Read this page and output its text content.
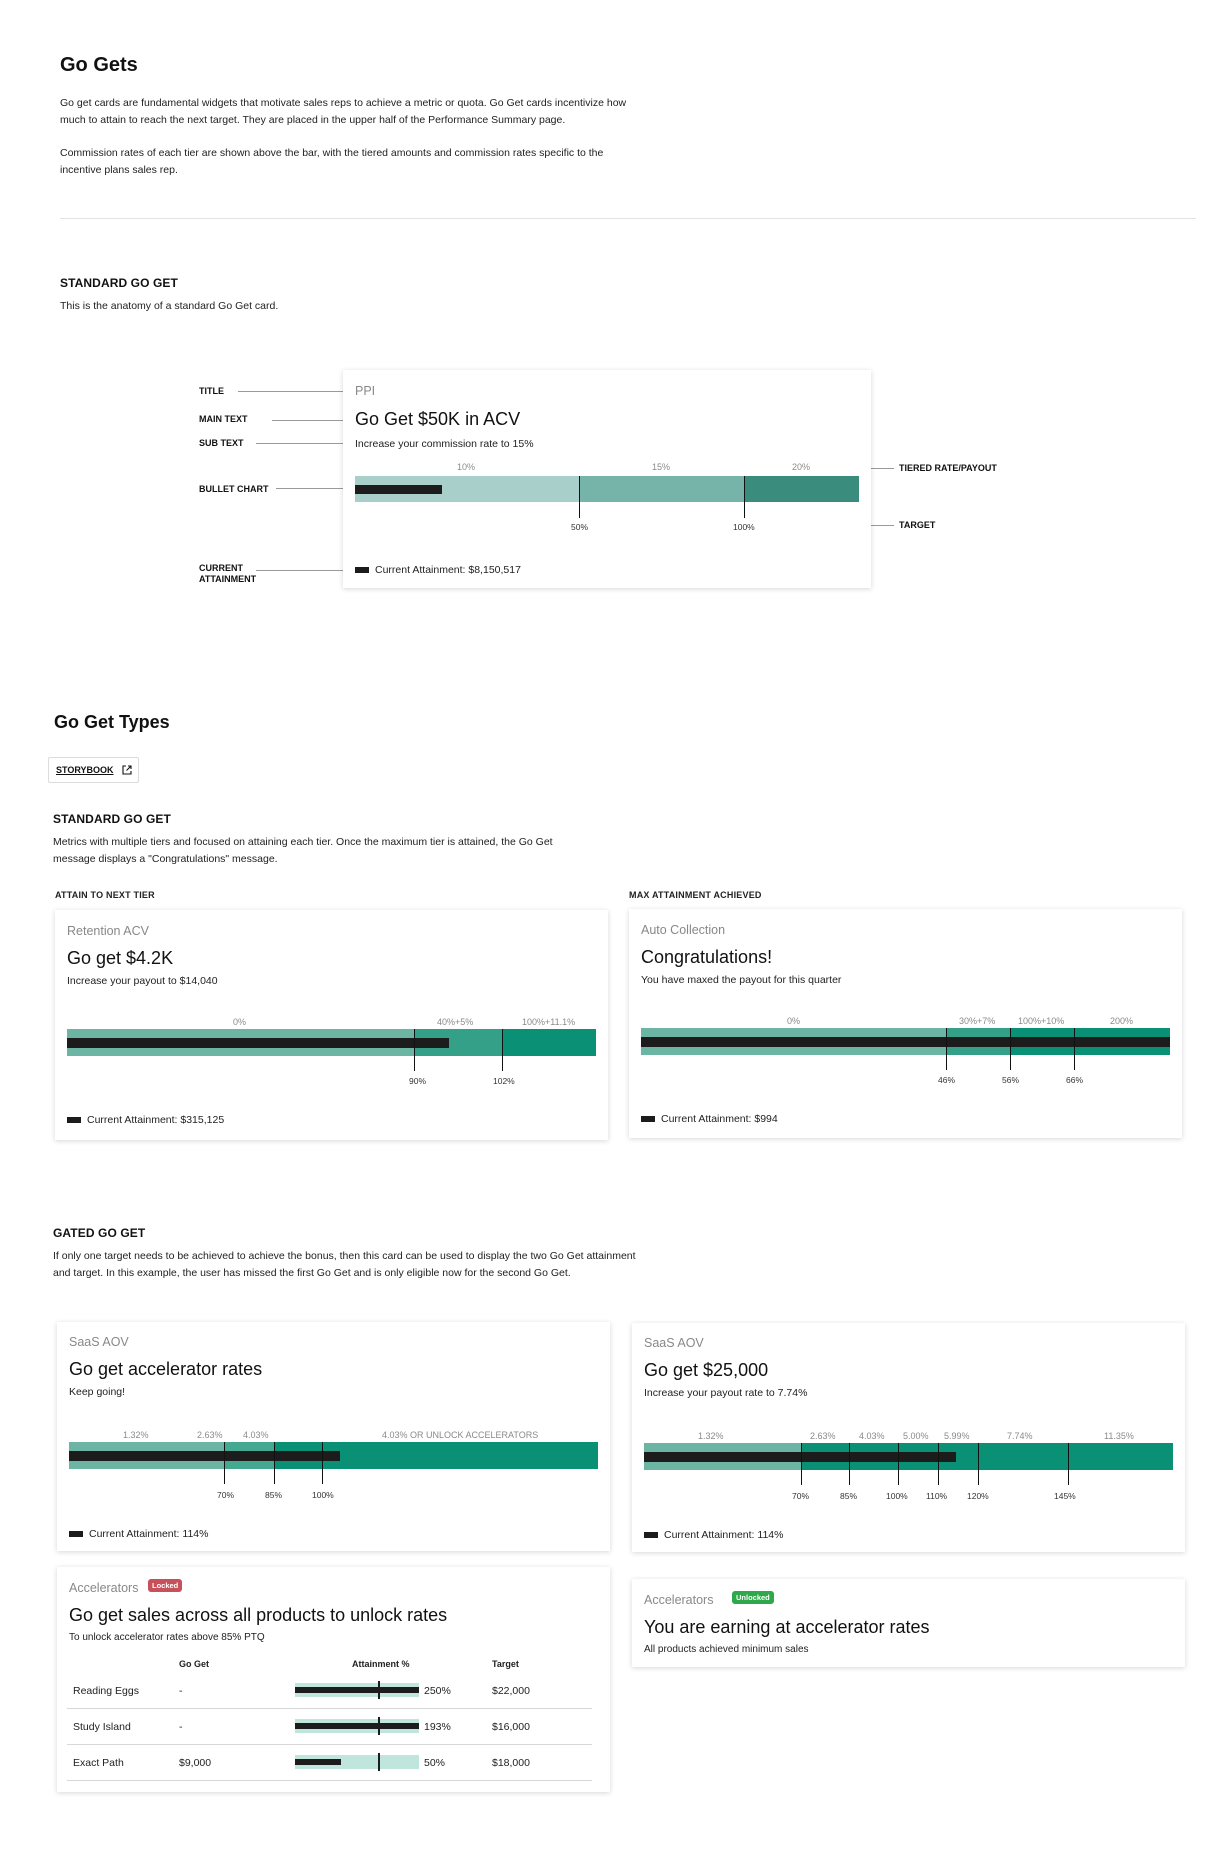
Go Gets
Go get cards are fundamental widgets that motivate sales reps to achieve a metric or quota. Go Get cards incentivize how
much to attain to reach the next target. They are placed in the upper half of the Performance Summary page.
Commission rates of each tier are shown above the bar, with the tiered amounts and commission rates specific to the
incentive plans sales rep.
STANDARD GO GET
This is the anatomy of a standard Go Get card.
TITLE
MAIN TEXT
SUB TEXT
BULLET CHART
CURRENT
ATTAINMENT
TIERED RATE/PAYOUT
TARGET
PPI
Go Get $50K in ACV
Increase your commission rate to 15%
10%	15%	20%
50%	100%
Current Attainment: $8,150,517
Go Get Types
STORYBOOK
STANDARD GO GET
Metrics with multiple tiers and focused on attaining each tier. Once the maximum tier is attained, the Go Get
message displays a "Congratulations" message.
ATTAIN TO NEXT TIER	MAX ATTAINMENT ACHIEVED
Retention ACV
Go get $4.2K
Increase your payout to $14,040
0%	40%+5%	100%+11.1%
90%	102%
Current Attainment: $315,125
Auto Collection
Congratulations!
You have maxed the payout for this quarter
0%	30%+7%	100%+10%	200%
46%	56%	66%
Current Attainment: $994
GATED GO GET
If only one target needs to be achieved to achieve the bonus, then this card can be used to display the two Go Get attainment
and target. In this example, the user has missed the first Go Get and is only eligible now for the second Go Get.
SaaS AOV
Go get accelerator rates
Keep going!
1.32%	2.63% 4.03%	4.03% OR UNLOCK ACCELERATORS
70%	85%	100%
Current Attainment: 114%
SaaS AOV
Go get $25,000
Increase your payout rate to 7.74%
1.32%	2.63%	4.03% 5.00% 5.99%	7.74%	11.35%
70%	85%	100% 110% 120%	145%
Current Attainment: 114%
Accelerators	Locked
Go get sales across all products to unlock rates
To unlock accelerator rates above 85% PTQ
Go Get	Attainment %	Target
Reading Eggs	-	250%	$22,000
Study Island	-	193%	$16,000
Exact Path	$9,000	50%	$18,000
Accelerators	Unlocked
You are earning at accelerator rates
All products achieved minimum sales
